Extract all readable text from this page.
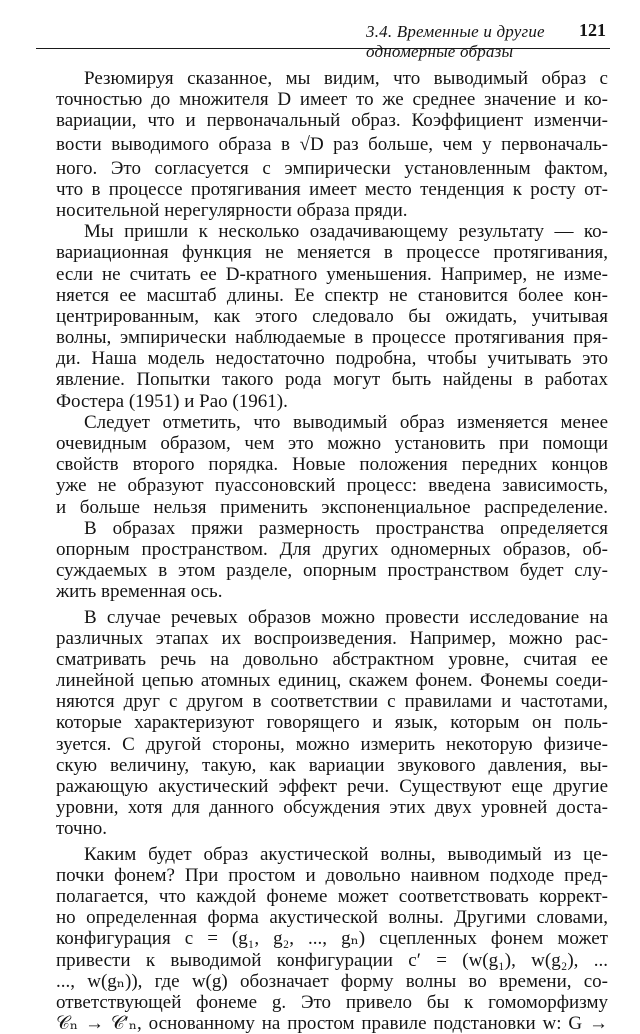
3.4. Временные и другие одномерные образы
121
Резюмируя сказанное, мы видим, что выводимый образ с
точностью до множителя D имеет то же среднее значение и ко-
вариации, что и первоначальный образ. Коэффициент изменчи-
вости выводимого образа в √D раз больше, чем у первоначаль-
ного. Это согласуется с эмпирически установленным фактом,
что в процессе протягивания имеет место тенденция к росту от-
носительной нерегулярности образа пряди.
Мы пришли к несколько озадачивающему результату — ко-
вариационная функция не меняется в процессе протягивания,
если не считать ее D-кратного уменьшения. Например, не изме-
няется ее масштаб длины. Ее спектр не становится более кон-
центрированным, как этого следовало бы ожидать, учитывая
волны, эмпирически наблюдаемые в процессе протягивания пря-
ди. Наша модель недостаточно подробна, чтобы учитывать это
явление. Попытки такого рода могут быть найдены в работах
Фостера (1951) и Рао (1961).
Следует отметить, что выводимый образ изменяется менее
очевидным образом, чем это можно установить при помощи
свойств второго порядка. Новые положения передних концов
уже не образуют пуассоновский процесс: введена зависимость,
и больше нельзя применить экспоненциальное распределение.
В образах пряжи размерность пространства определяется
опорным пространством. Для других одномерных образов, об-
суждаемых в этом разделе, опорным пространством будет слу-
жить временная ось.
В случае речевых образов можно провести исследование на
различных этапах их воспроизведения. Например, можно рас-
сматривать речь на довольно абстрактном уровне, считая ее
линейной цепью атомных единиц, скажем фонем. Фонемы соеди-
няются друг с другом в соответствии с правилами и частотами,
которые характеризуют говорящего и язык, которым он поль-
зуется. С другой стороны, можно измерить некоторую физиче-
скую величину, такую, как вариации звукового давления, вы-
ражающую акустический эффект речи. Существуют еще другие
уровни, хотя для данного обсуждения этих двух уровней доста-
точно.
Каким будет образ акустической волны, выводимый из це-
почки фонем? При простом и довольно наивном подходе пред-
полагается, что каждой фонеме может соответствовать коррект-
но определенная форма акустической волны. Другими словами,
конфигурация c = (g₁, g₂, ..., gₙ) сцепленных фонем может
привести к выводимой конфигурации c′ = (w(g₁), w(g₂), ...
..., w(gₙ)), где w(g) обозначает форму волны во времени, со-
ответствующей фонеме g. Это привело бы к гомоморфизму
𝒞ₙ → 𝒞′ₙ, основанному на простом правиле подстановки w: G →
